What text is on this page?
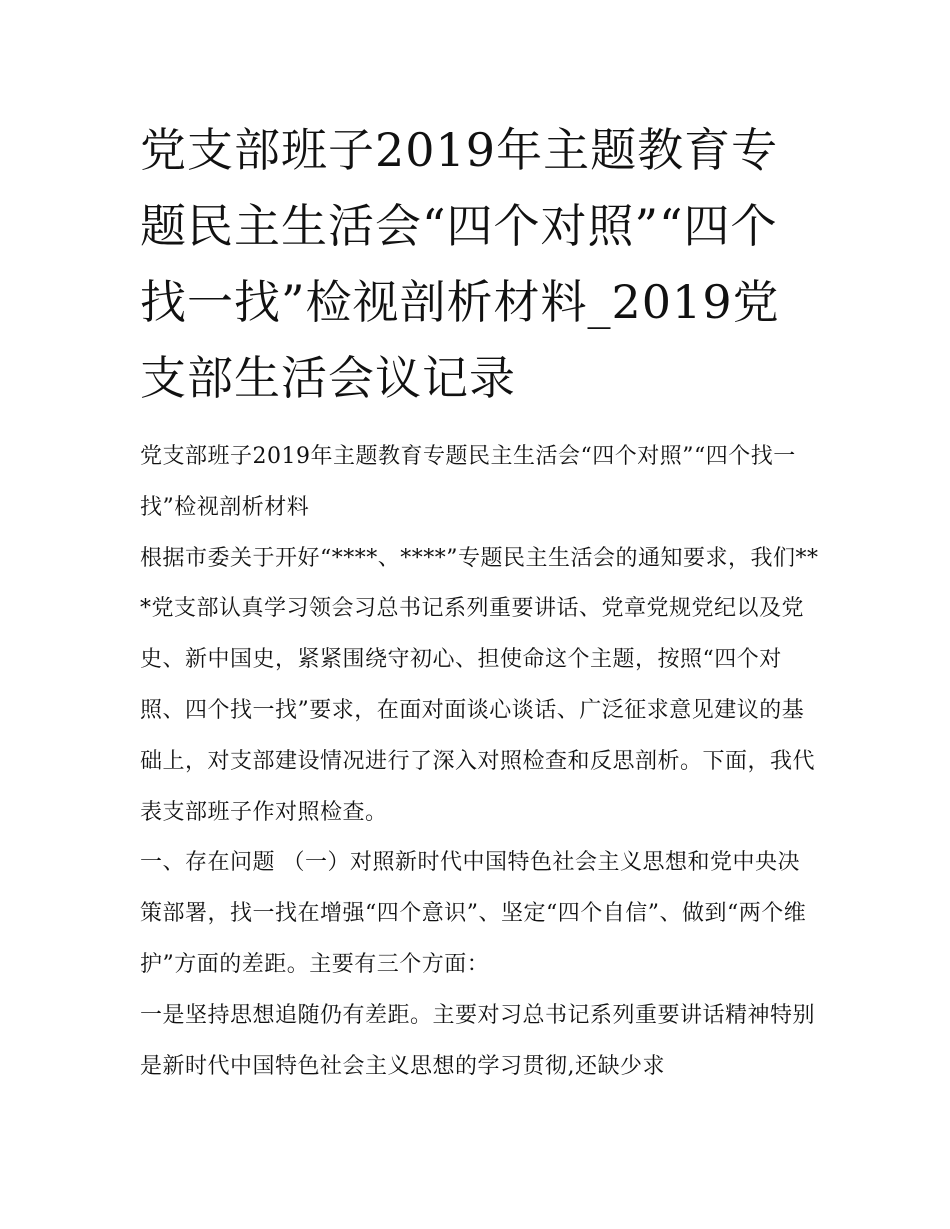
党支部班子2019年主题教育专题民主生活会“四个对照”“四个找一找”检视剖析材料_2019党支部生活会议记录

党支部班子2019年主题教育专题民主生活会“四个对照”“四个找一找”检视剖析材料

根据市委关于开好“****、****”专题民主生活会的通知要求，我们***党支部认真学习领会习总书记系列重要讲话、党章党规党纪以及党史、新中国史，紧紧围绕守初心、担使命这个主题，按照“四个对照、四个找一找”要求，在面对面谈心谈话、广泛征求意见建议的基础上，对支部建设情况进行了深入对照检查和反思剖析。下面，我代表支部班子作对照检查。

一、存在问题 （一）对照新时代中国特色社会主义思想和党中央决策部署，找一找在增强“四个意识”、坚定“四个自信”、做到“两个维护”方面的差距。主要有三个方面：

一是坚持思想追随仍有差距。主要对习总书记系列重要讲话精神特别是新时代中国特色社会主义思想的学习贯彻,还缺少求
